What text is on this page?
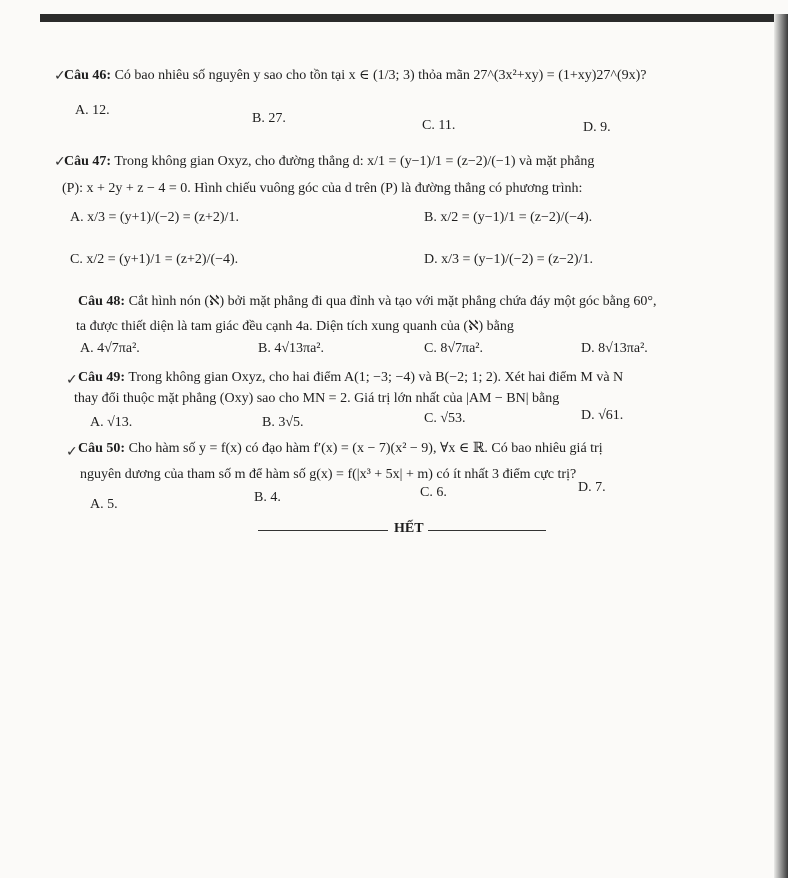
✓
Câu 46: Có bao nhiêu số nguyên y sao cho tồn tại x ∈ (1/3; 3) thỏa mãn 27^(3x²+xy) = (1+xy)27^(9x)?
A. 12.
B. 27.	C. 11.	D. 9.
✓
Câu 47: Trong không gian Oxyz, cho đường thẳng d: x/1 = (y−1)/1 = (z−2)/(−1) và mặt phẳng
(P): x + 2y + z − 4 = 0. Hình chiếu vuông góc của d trên (P) là đường thẳng có phương trình:
A. x/3 = (y+1)/(−2) = (z+2)/1.	B. x/2 = (y−1)/1 = (z−2)/(−4).
C. x/2 = (y+1)/1 = (z+2)/(−4).	D. x/3 = (y−1)/(−2) = (z−2)/1.
Câu 48: Cắt hình nón (ℵ) bởi mặt phẳng đi qua đỉnh và tạo với mặt phẳng chứa đáy một góc bằng 60°,
ta được thiết diện là tam giác đều cạnh 4a. Diện tích xung quanh của (ℵ) bằng
A. 4√7πa².	B. 4√13πa².	C. 8√7πa².	D. 8√13πa².
✓ Câu 49: Trong không gian Oxyz, cho hai điểm A(1; −3; −4) và B(−2; 1; 2). Xét hai điểm M và N
thay đổi thuộc mặt phẳng (Oxy) sao cho MN = 2. Giá trị lớn nhất của |AM − BN| bằng
A. √13.	B. 3√5.	C. √53.	D. √61.
✓ Câu 50: Cho hàm số y = f(x) có đạo hàm f′(x) = (x − 7)(x² − 9), ∀x ∈ ℝ. Có bao nhiêu giá trị
nguyên dương của tham số m để hàm số g(x) = f(|x³ + 5x| + m) có ít nhất 3 điểm cực trị?
A. 5.	B. 4.	C. 6.	D. 7.
HẾT
